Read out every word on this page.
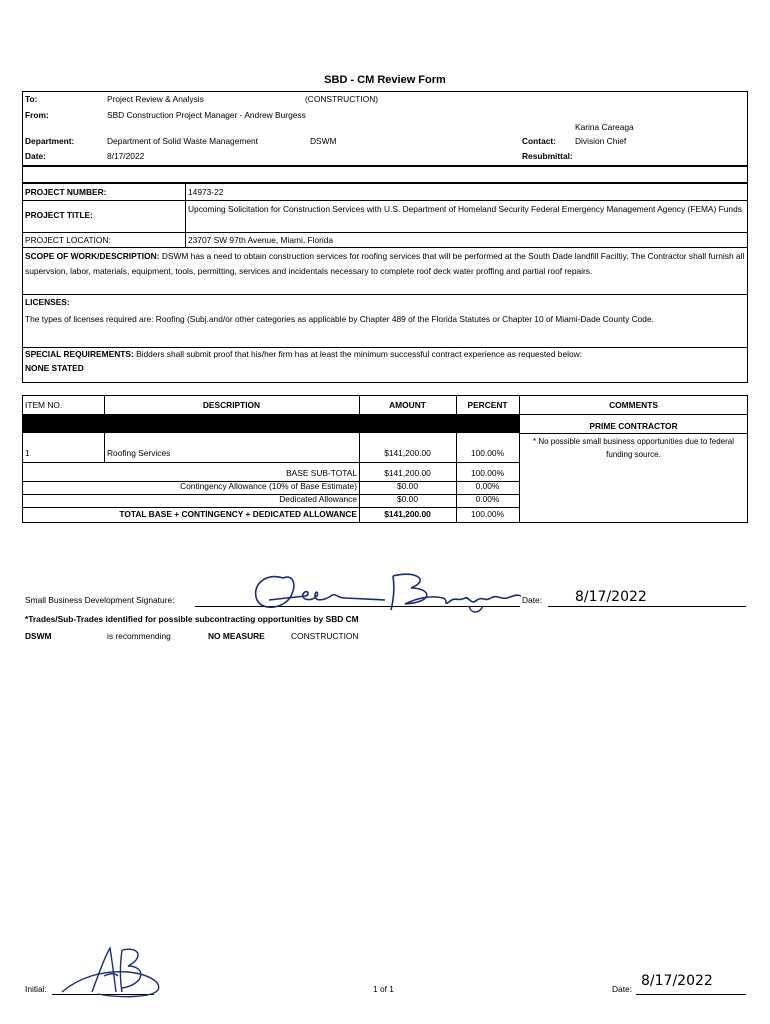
SBD - CM Review Form
To:	Project Review & Analysis	(CONSTRUCTION)
From:	SBD Construction Project Manager - Andrew Burgess
Karina Careaga
Department:	Department of Solid Waste Management	DSWM	Contact: Division Chief
Date:	8/17/2022	Resubmittal:
PROJECT NUMBER:	14973-22
PROJECT TITLE:
Upcoming Solicitation for Construction Services with U.S. Department of Homeland Security Federal Emergency Management Agency (FEMA) Funds
PROJECT LOCATION:	23707 SW 97th Avenue, Miami, Florida
SCOPE OF WORK/DESCRIPTION: DSWM has a need to obtain construction services for roofing services that will be performed at the South Dade landfill Faciltiy. The Contractor shall furnish all supervsion, labor, materials, equipment, tools, permitting, services and incidentals necessary to complete roof deck water proffing and partial roof repairs.
LICENSES:
The types of licenses required are: Roofing (Subj.and/or other categories as applicable by Chapter 489 of the Florida Statutes or Chapter 10 of Miami-Dade County Code.
SPECIAL REQUIREMENTS: Bidders shall submit proof that his/her firm has at least the minimum successful contract experience as requested below:
NONE STATED
ITEM NO.	DESCRIPTION	AMOUNT	PERCENT	COMMENTS
PRIME CONTRACTOR
* No possible small business opportunities due to federal funding source.
1	Roofing Services	$141,200.00	100.00%
BASE SUB-TOTAL	$141,200.00	100.00%
Contingency Allowance (10% of Base Estimate)	$0.00	0.00%
Dedicated Allowance	$0.00	0.00%
TOTAL BASE + CONTINGENCY + DEDICATED ALLOWANCE	$141,200.00	100.00%
Small Business Development Signature:	Date: 8/17/2022
*Trades/Sub-Trades identified for possible subcontracting opportunities by SBD CM
DSWM	is recommending	NO MEASURE	CONSTRUCTION
Initial:	1 of 1	Date: 8/17/2022
